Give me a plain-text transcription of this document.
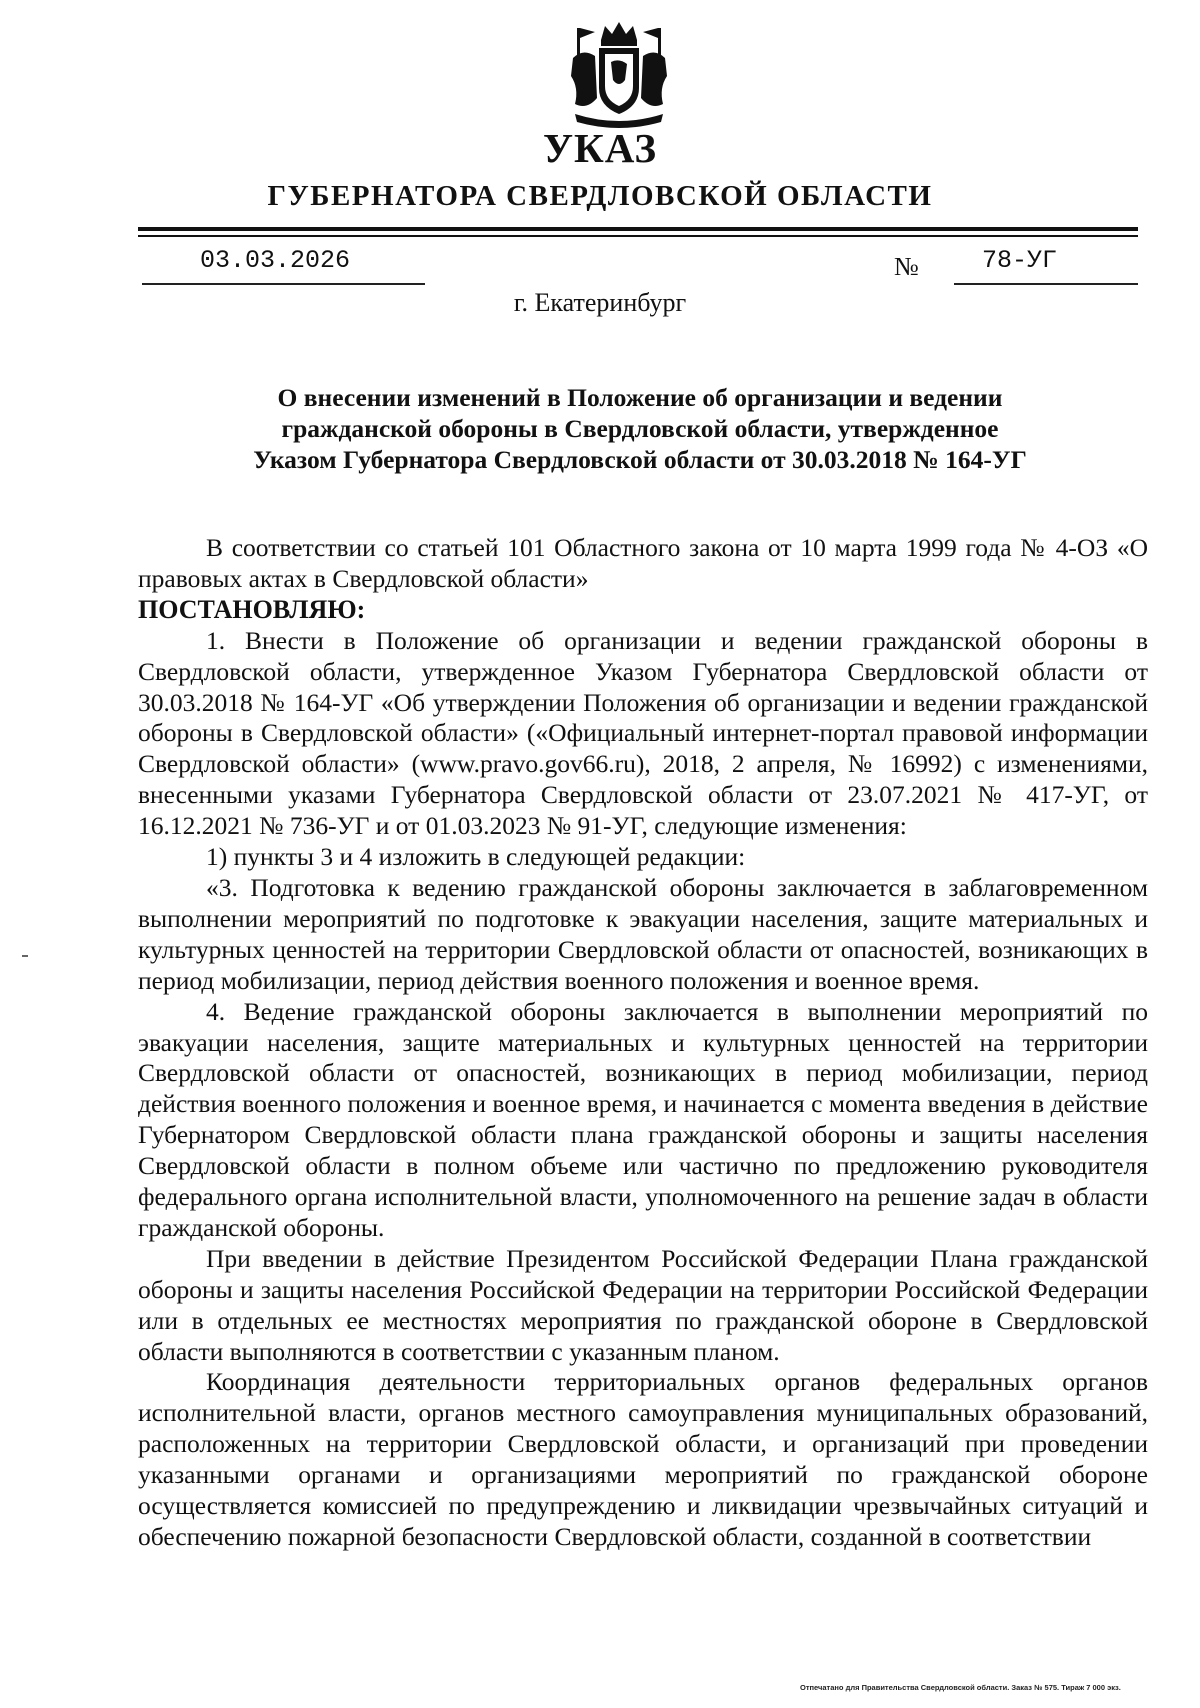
УКАЗ
ГУБЕРНАТОРА СВЕРДЛОВСКОЙ ОБЛАСТИ
03.03.2026	№	78-УГ
г. Екатеринбург
О внесении изменений в Положение об организации и ведении
гражданской обороны в Свердловской области, утвержденное
Указом Губернатора Свердловской области от 30.03.2018 № 164-УГ

В соответствии со статьей 101 Областного закона от 10 марта 1999 года № 4-ОЗ «О правовых актах в Свердловской области»

ПОСТАНОВЛЯЮ:

1. Внести в Положение об организации и ведении гражданской обороны в Свердловской области, утвержденное Указом Губернатора Свердловской области от 30.03.2018 № 164-УГ «Об утверждении Положения об организации и ведении гражданской обороны в Свердловской области» («Официальный интернет-портал правовой информации Свердловской области» (www.pravo.gov66.ru), 2018, 2 апреля, № 16992) с изменениями, внесенными указами Губернатора Свердловской области от 23.07.2021 № 417-УГ, от 16.12.2021 № 736-УГ и от 01.03.2023 № 91-УГ, следующие изменения:

1) пункты 3 и 4 изложить в следующей редакции:

«3. Подготовка к ведению гражданской обороны заключается в заблаговременном выполнении мероприятий по подготовке к эвакуации населения, защите материальных и культурных ценностей на территории Свердловской области от опасностей, возникающих в период мобилизации, период действия военного положения и военное время.

4. Ведение гражданской обороны заключается в выполнении мероприятий по эвакуации населения, защите материальных и культурных ценностей на территории Свердловской области от опасностей, возникающих в период мобилизации, период действия военного положения и военное время, и начинается с момента введения в действие Губернатором Свердловской области плана гражданской обороны и защиты населения Свердловской области в полном объеме или частично по предложению руководителя федерального органа исполнительной власти, уполномоченного на решение задач в области гражданской обороны.

При введении в действие Президентом Российской Федерации Плана гражданской обороны и защиты населения Российской Федерации на территории Российской Федерации или в отдельных ее местностях мероприятия по гражданской обороне в Свердловской области выполняются в соответствии с указанным планом.

Координация деятельности территориальных органов федеральных органов исполнительной власти, органов местного самоуправления муниципальных образований, расположенных на территории Свердловской области, и организаций при проведении указанными органами и организациями мероприятий по гражданской обороне осуществляется комиссией по предупреждению и ликвидации чрезвычайных ситуаций и обеспечению пожарной безопасности Свердловской области, созданной в соответствии

Отпечатано для Правительства Свердловской области. Заказ № 575. Тираж 7 000 экз.
